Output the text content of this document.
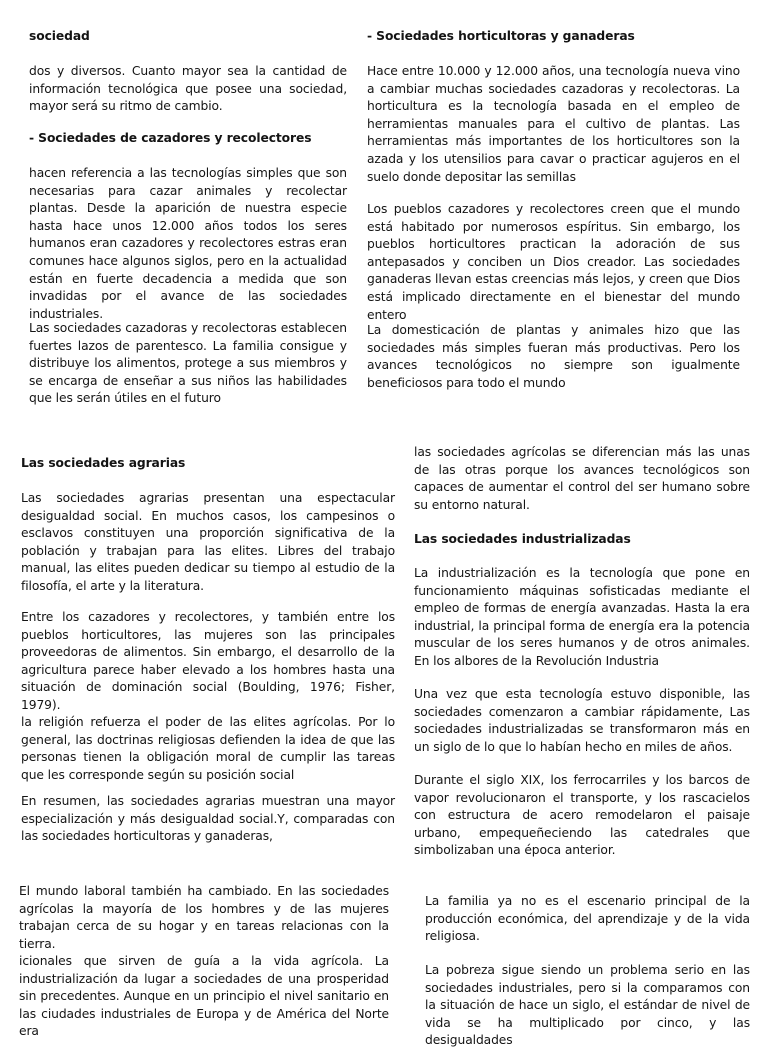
sociedad
dos y diversos. Cuanto mayor sea la cantidad de información tecnológica que posee una sociedad, mayor será su ritmo de cambio.
- Sociedades de cazadores y recolectores
hacen referencia a las tecnologías simples que son necesarias para cazar animales y recolectar plantas. Desde la aparición de nuestra especie hasta hace unos 12.000 años todos los seres humanos eran cazadores y recolectores estras eran comunes hace algunos siglos, pero en la actualidad están en fuerte decadencia a medida que son invadidas por el avance de las sociedades industriales.
Las sociedades cazadoras y recolectoras establecen fuertes lazos de parentesco. La familia consigue y distribuye los alimentos, protege a sus miembros y se encarga de enseñar a sus niños las habilidades que les serán útiles en el futuro
- Sociedades horticultoras y ganaderas
Hace entre 10.000 y 12.000 años, una tecnología nueva vino a cambiar muchas sociedades cazadoras y recolectoras. La horticultura es la tecnología basada en el empleo de herramientas manuales para el cultivo de plantas. Las herramientas más importantes de los horticultores son la azada y los utensilios para cavar o practicar agujeros en el suelo donde depositar las semillas
Los pueblos cazadores y recolectores creen que el mundo está habitado por numerosos espíritus. Sin embargo, los pueblos horticultores practican la adoración de sus antepasados y conciben un Dios creador. Las sociedades ganaderas llevan estas creencias más lejos, y creen que Dios está implicado directamente en el bienestar del mundo entero
La domesticación de plantas y animales hizo que las sociedades más simples fueran más productivas. Pero los avances tecnológicos no siempre son igualmente beneficiosos para todo el mundo
Las sociedades agrarias
Las sociedades agrarias presentan una espectacular desigualdad social. En muchos casos, los campesinos o esclavos constituyen una proporción significativa de la población y trabajan para las elites. Libres del trabajo manual, las elites pueden dedicar su tiempo al estudio de la filosofía, el arte y la literatura.
Entre los cazadores y recolectores, y también entre los pueblos horticultores, las mujeres son las principales proveedoras de alimentos. Sin embargo, el desarrollo de la agricultura parece haber elevado a los hombres hasta una situación de dominación social (Boulding, 1976; Fisher, 1979).
la religión refuerza el poder de las elites agrícolas. Por lo general, las doctrinas religiosas defienden la idea de que las personas tienen la obligación moral de cumplir las tareas que les corresponde según su posición social
En resumen, las sociedades agrarias muestran una mayor especialización y más desigualdad social.Y, comparadas con las sociedades horticultoras y ganaderas,
las sociedades agrícolas se diferencian más las unas de las otras porque los avances tecnológicos son capaces de aumentar el control del ser humano sobre su entorno natural.
Las sociedades industrializadas
La industrialización es la tecnología que pone en funcionamiento máquinas sofisticadas mediante el empleo de formas de energía avanzadas. Hasta la era industrial, la principal forma de energía era la potencia muscular de los seres humanos y de otros animales. En los albores de la Revolución Industria
Una vez que esta tecnología estuvo disponible, las sociedades comenzaron a cambiar rápidamente, Las sociedades industrializadas se transformaron más en un siglo de lo que lo habían hecho en miles de años.
Durante el siglo XIX, los ferrocarriles y los barcos de vapor revolucionaron el transporte, y los rascacielos con estructura de acero remodelaron el paisaje urbano, empequeñeciendo las catedrales que simbolizaban una época anterior.
El mundo laboral también ha cambiado. En las sociedades agrícolas la mayoría de los hombres y de las mujeres trabajan cerca de su hogar y en tareas relacionas con la tierra.
icionales que sirven de guía a la vida agrícola. La industrialización da lugar a sociedades de una prosperidad sin precedentes. Aunque en un principio el nivel sanitario en las ciudades industriales de Europa y de América del Norte era
La familia ya no es el escenario principal de la producción económica, del aprendizaje y de la vida religiosa.
La pobreza sigue siendo un problema serio en las sociedades industriales, pero si la comparamos con la situación de hace un siglo, el estándar de nivel de vida se ha multiplicado por cinco, y las desigualdades
